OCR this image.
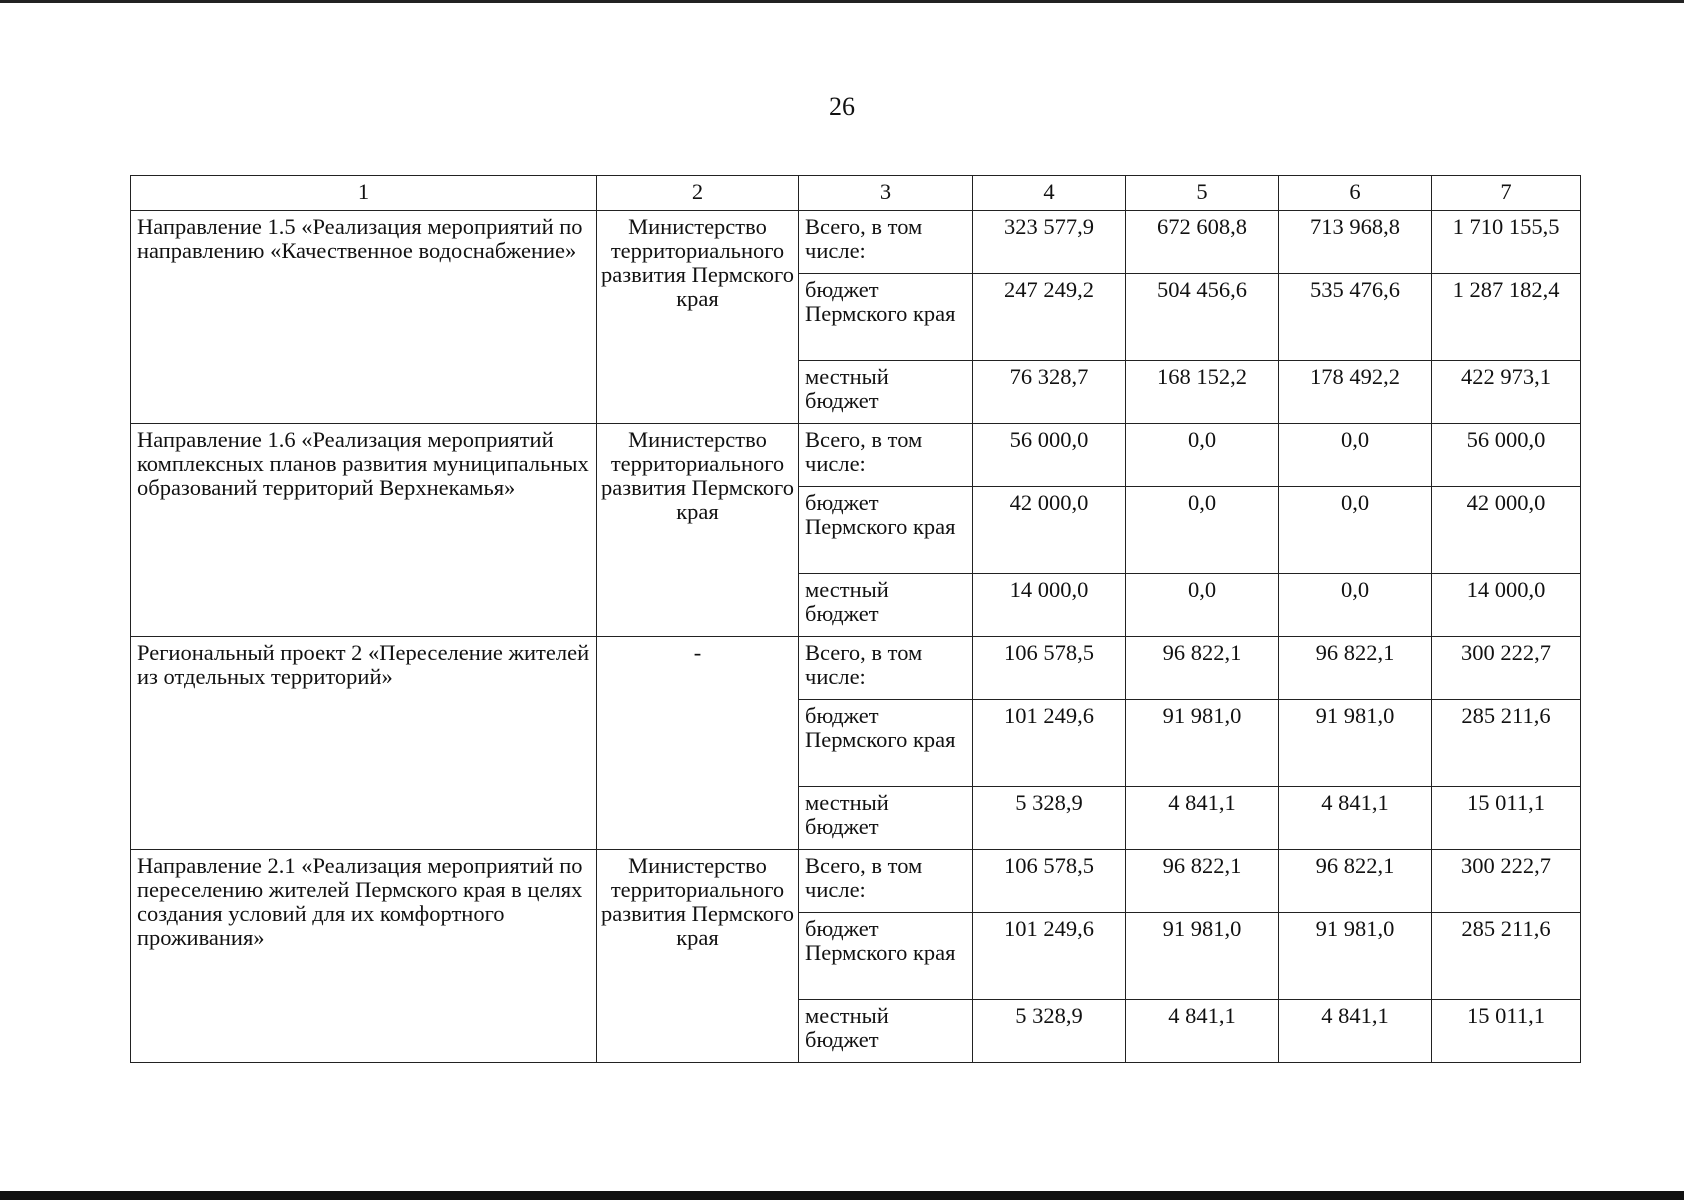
26
1	2	3	4	5	6	7
Направление 1.5 «Реализация мероприятий по направлению «Качественное водоснабжение»	Министерство территориального развития Пермского края	Всего, в том числе:	323 577,9	672 608,8	713 968,8	1 710 155,5
		бюджет Пермского края	247 249,2	504 456,6	535 476,6	1 287 182,4
		местный бюджет	76 328,7	168 152,2	178 492,2	422 973,1
Направление 1.6 «Реализация мероприятий комплексных планов развития муниципальных образований территорий Верхнекамья»	Министерство территориального развития Пермского края	Всего, в том числе:	56 000,0	0,0	0,0	56 000,0
		бюджет Пермского края	42 000,0	0,0	0,0	42 000,0
		местный бюджет	14 000,0	0,0	0,0	14 000,0
Региональный проект 2 «Переселение жителей из отдельных территорий»	-	Всего, в том числе:	106 578,5	96 822,1	96 822,1	300 222,7
		бюджет Пермского края	101 249,6	91 981,0	91 981,0	285 211,6
		местный бюджет	5 328,9	4 841,1	4 841,1	15 011,1
Направление 2.1 «Реализация мероприятий по переселению жителей Пермского края в целях создания условий для их комфортного проживания»	Министерство территориального развития Пермского края	Всего, в том числе:	106 578,5	96 822,1	96 822,1	300 222,7
		бюджет Пермского края	101 249,6	91 981,0	91 981,0	285 211,6
		местный бюджет	5 328,9	4 841,1	4 841,1	15 011,1
